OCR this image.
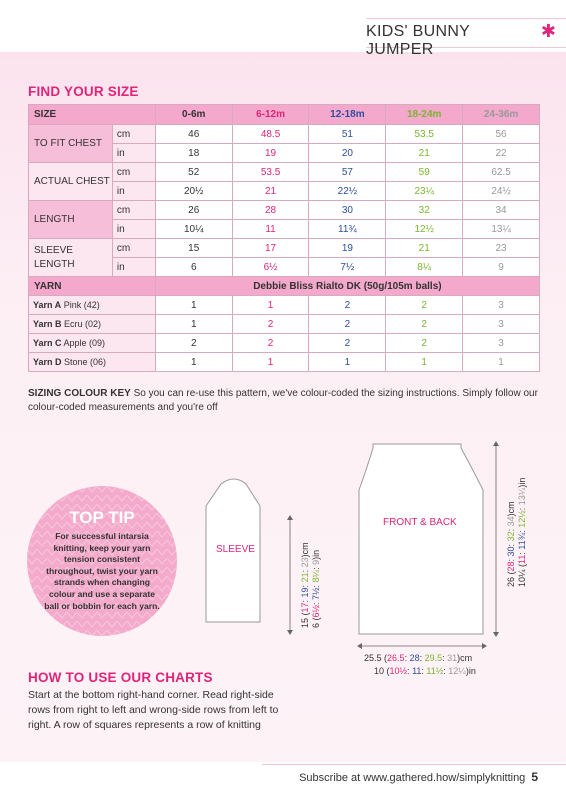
KIDS' BUNNY JUMPER
✱
FIND YOUR SIZE
SIZE		0-6m	6-12m	12-18m	18-24m	24-36m
TO FIT CHEST	cm	46	48.5	51	53.5	56
	in	18	19	20	21	22
ACTUAL CHEST	cm	52	53.5	57	59	62.5
	in	20½	21	22½	23¼	24½
LENGTH	cm	26	28	30	32	34
	in	10¼	11	11¾	12½	13¼
SLEEVE LENGTH	cm	15	17	19	21	23
	in	6	6½	7½	8¼	9
YARN		Debbie Bliss Rialto DK (50g/105m balls)				
Yarn A Pink (42)		1	1	2	2	3
Yarn B Ecru (02)		1	2	2	2	3
Yarn C Apple (09)		2	2	2	2	3
Yarn D Stone (06)		1	1	1	1	1
SIZING COLOUR KEY So you can re-use this pattern, we've colour-coded the sizing instructions. Simply follow our colour-coded measurements and you're off
TOP TIP
For successful intarsia knitting, keep your yarn tension consistent throughout, twist your yarn strands when changing colour and use a separate ball or bobbin for each yarn.
SLEEVE
15 (17: 19: 21: 23)cm
6 (6½: 7½: 8¼: 9)in
FRONT & BACK
26 (28: 30: 32: 34)cm
10¼ (11: 11¾: 12½: 13¼)in
25.5 (26.5: 28: 29.5: 31)cm
10 (10½: 11: 11½: 12¼)in
HOW TO USE OUR CHARTS
Start at the bottom right-hand corner. Read right-side rows from right to left and wrong-side rows from left to right. A row of squares represents a row of knitting
Subscribe at www.gathered.how/simplyknitting 5
